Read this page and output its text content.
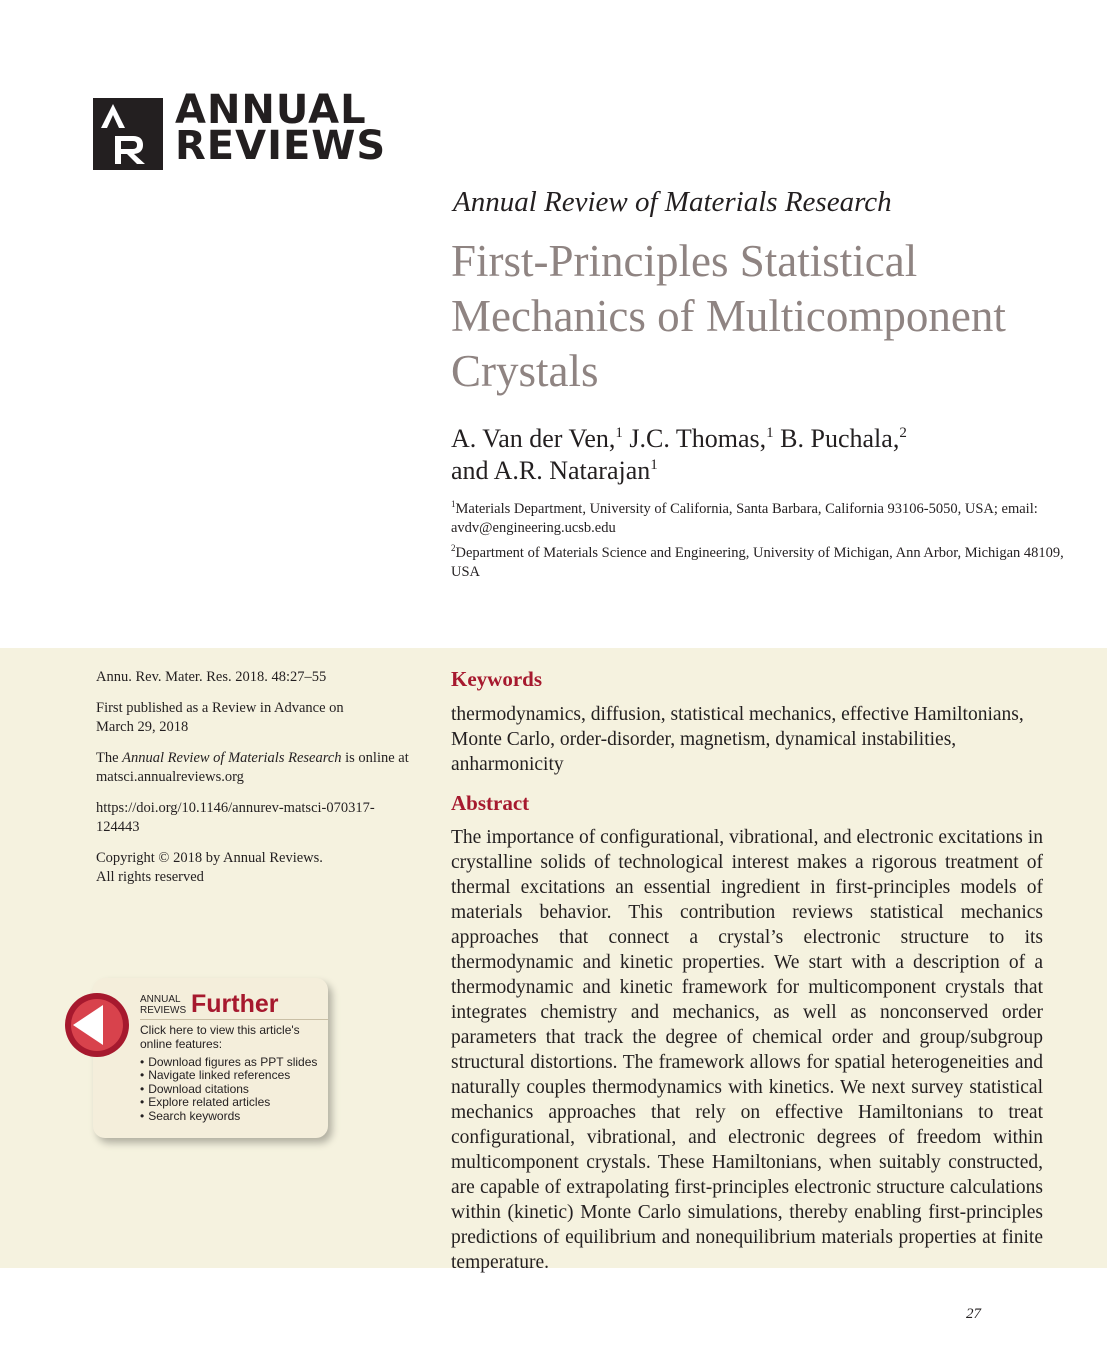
ANNUAL
REVIEWS
Annual Review of Materials Research
First-Principles Statistical Mechanics of Multicomponent Crystals
A. Van der Ven,$^1$ J.C. Thomas,$^1$ B. Puchala,$^2$
and A.R. Natarajan$^1$
$^1$Materials Department, University of California, Santa Barbara, California 93106-5050, USA; email: avdv@engineering.ucsb.edu
$^2$Department of Materials Science and Engineering, University of Michigan, Ann Arbor, Michigan 48109, USA
Annu. Rev. Mater. Res. 2018. 48:27–55
First published as a Review in Advance on March 29, 2018
The Annual Review of Materials Research is online at matsci.annualreviews.org
https://doi.org/10.1146/annurev-matsci-070317-124443
Copyright © 2018 by Annual Reviews.
All rights reserved
Keywords
thermodynamics, diffusion, statistical mechanics, effective Hamiltonians, Monte Carlo, order-disorder, magnetism, dynamical instabilities, anharmonicity
Abstract

The importance of configurational, vibrational, and electronic excitations in crystalline solids of technological interest makes a rigorous treatment of thermal excitations an essential ingredient in first-principles models of materials behavior. This contribution reviews statistical mechanics approaches that connect a crystal’s electronic structure to its thermodynamic and kinetic properties. We start with a description of a thermodynamic and kinetic framework for multicomponent crystals that integrates chemistry and mechanics, as well as nonconserved order parameters that track the degree of chemical order and group/subgroup structural distortions. The framework allows for spatial heterogeneities and naturally couples thermodynamics with kinetics. We next survey statistical mechanics approaches that rely on effective Hamiltonians to treat configurational, vibrational, and electronic degrees of freedom within multicomponent crystals. These Hamiltonians, when suitably constructed, are capable of extrapolating first-principles electronic structure calculations within (kinetic) Monte Carlo simulations, thereby enabling first-principles predictions of equilibrium and nonequilibrium materials properties at finite temperature.

ANNUAL
REVIEWS Further
Click here to view this article's online features:
• Download figures as PPT slides
• Navigate linked references
• Download citations
• Explore related articles
• Search keywords
27
